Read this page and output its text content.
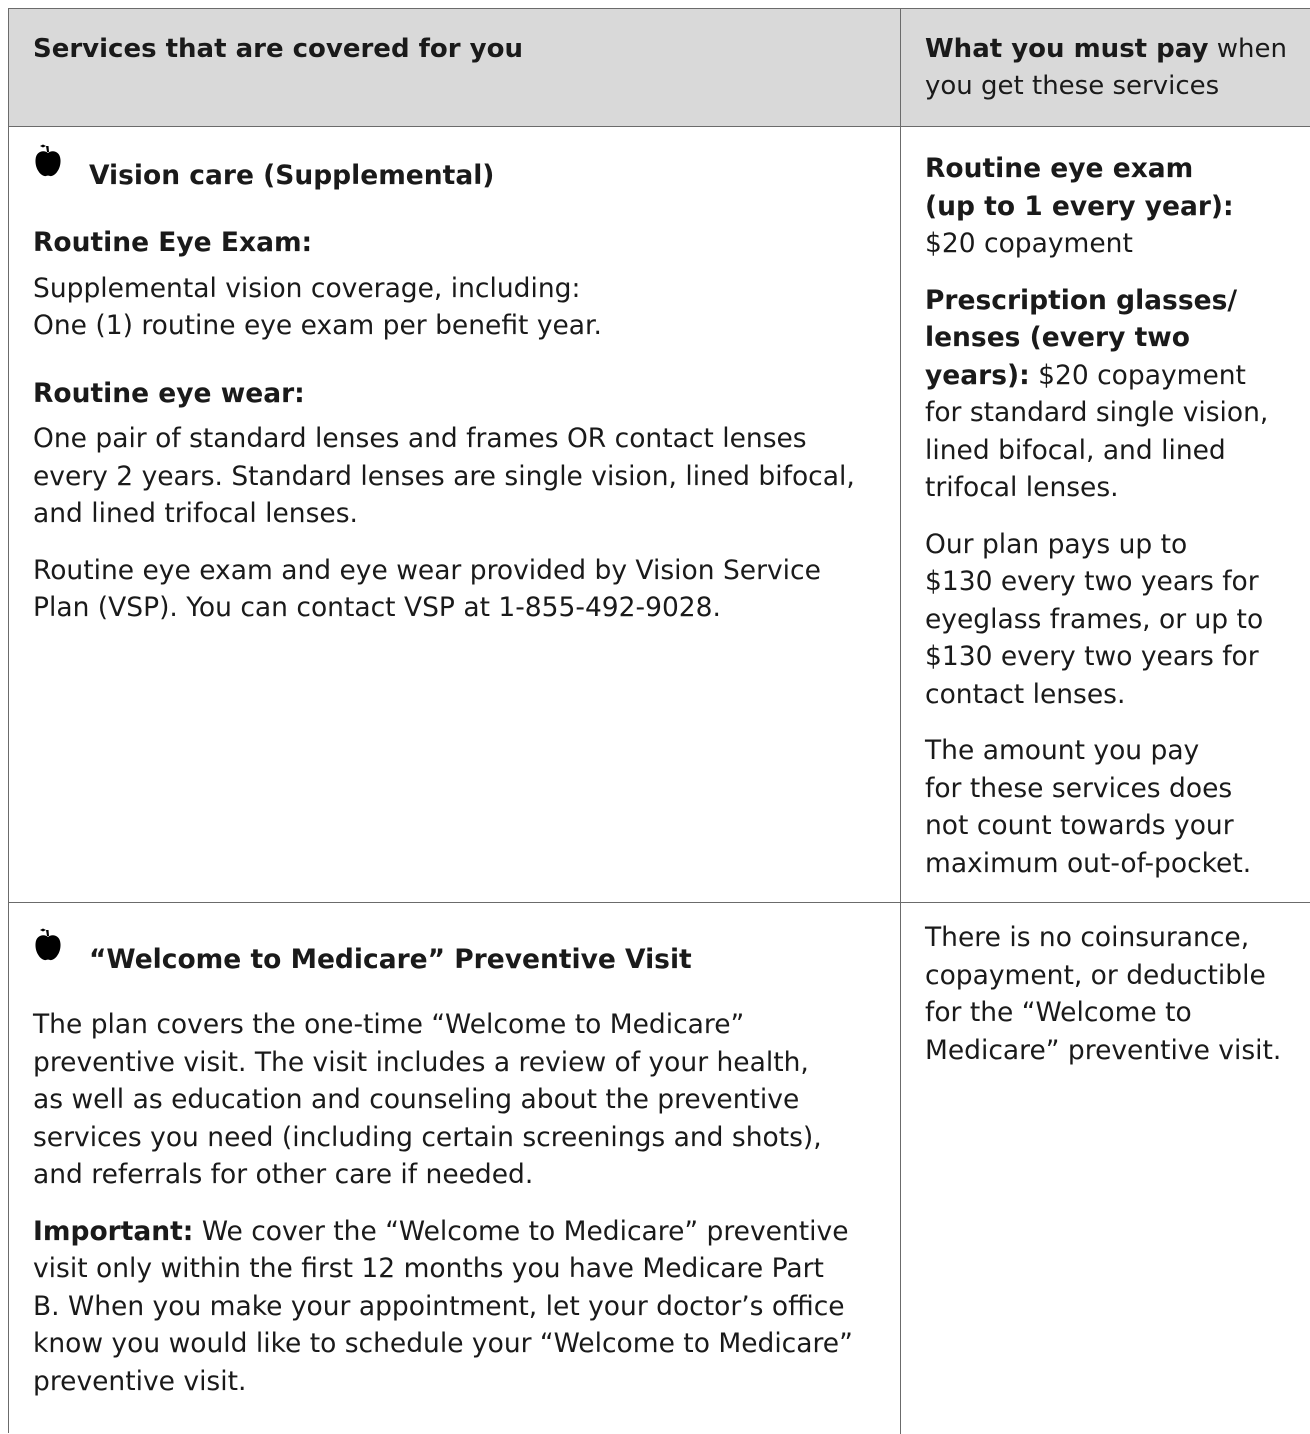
Services that are covered for you	What you must pay when
you get these services
Vision care (Supplemental)

Routine Eye Exam:

Supplemental vision coverage, including:
One (1) routine eye exam per benefit year.

Routine eye wear:

One pair of standard lenses and frames OR contact lenses
every 2 years. Standard lenses are single vision, lined bifocal,
and lined trifocal lenses.

Routine eye exam and eye wear provided by Vision Service
Plan (VSP). You can contact VSP at 1-855-492-9028.

Routine eye exam
(up to 1 every year):
$20 copayment

Prescription glasses/
lenses (every two
years): $20 copayment
for standard single vision,
lined bifocal, and lined
trifocal lenses.

Our plan pays up to
$130 every two years for
eyeglass frames, or up to
$130 every two years for
contact lenses.

The amount you pay
for these services does
not count towards your
maximum out-of-pocket.

“Welcome to Medicare” Preventive Visit

The plan covers the one-time “Welcome to Medicare”
preventive visit. The visit includes a review of your health,
as well as education and counseling about the preventive
services you need (including certain screenings and shots),
and referrals for other care if needed.

Important: We cover the “Welcome to Medicare” preventive
visit only within the first 12 months you have Medicare Part
B. When you make your appointment, let your doctor’s office
know you would like to schedule your “Welcome to Medicare”
preventive visit.

There is no coinsurance,
copayment, or deductible
for the “Welcome to
Medicare” preventive visit.
